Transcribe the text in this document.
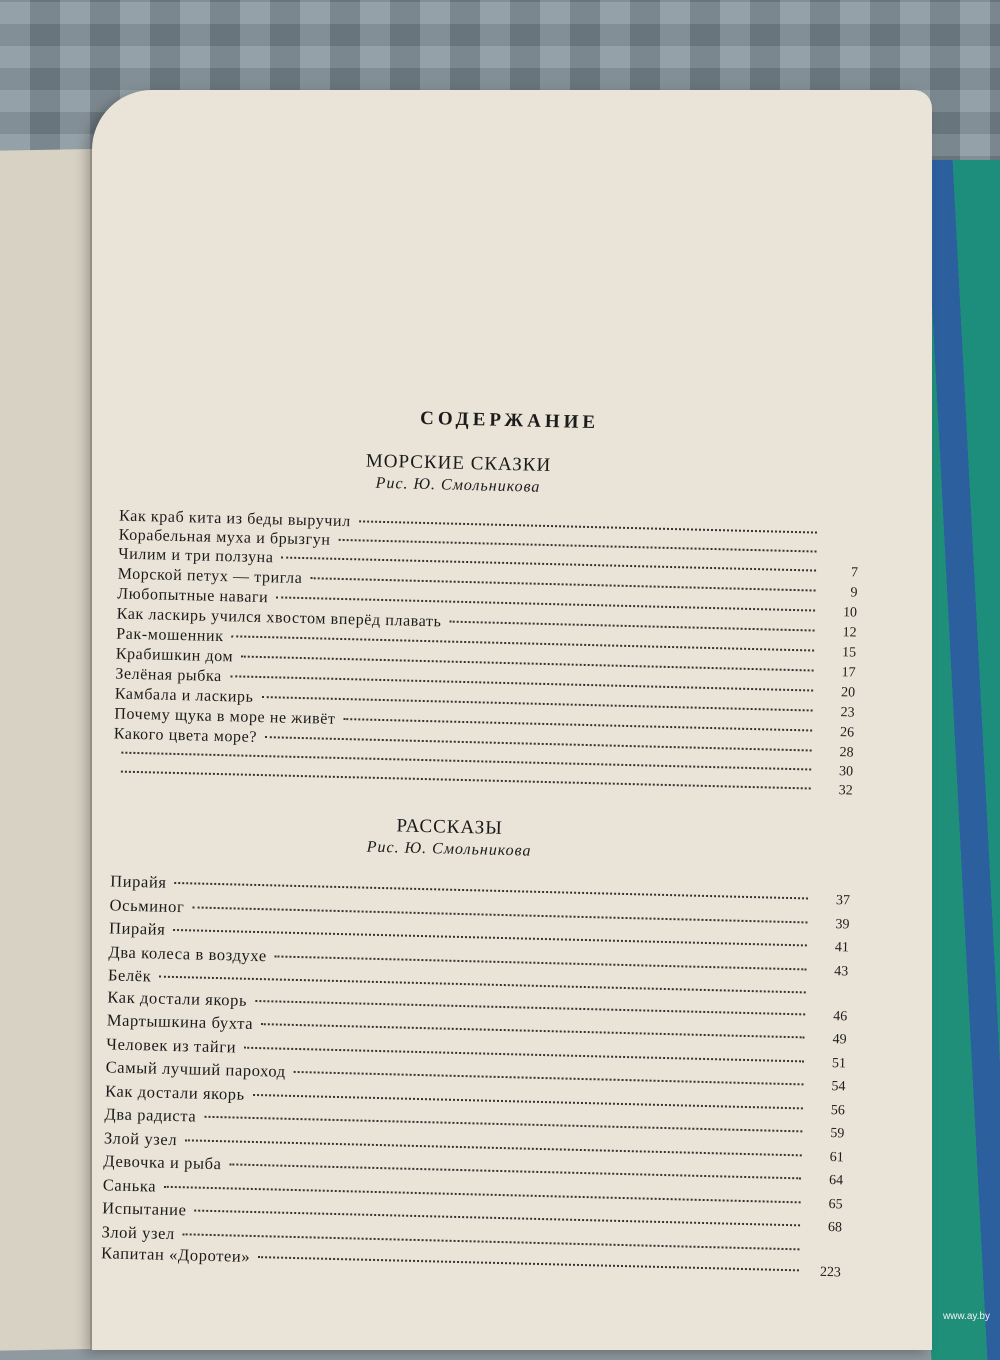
СОДЕРЖАНИЕ
МОРСКИЕ СКАЗКИ
Рис. Ю. Смольникова
Как краб кита из беды выручил
Корабельная муха и брызгун
Чилим и три ползуна
7
Морской петух — тригла
9
Любопытные наваги
10
Как ласкирь учился хвостом вперёд плавать
12
Рак-мошенник
15
Крабишкин дом
17
Зелёная рыбка
20
Камбала и ласкирь
23
Почему щука в море не живёт
26
Какого цвета море?
28
30
32
РАССКАЗЫ
Рис. Ю. Смольникова
Пирайя
37
Осьминог
39
Пирайя
41
Два колеса в воздухе
43
Белёк
Как достали якорь
46
Мартышкина бухта
49
Человек из тайги
51
Самый лучший пароход
54
Как достали якорь
56
Два радиста
59
Злой узел
61
Девочка и рыба
64
Санька
65
Испытание
68
Злой узел
Капитан «Доротеи»
223
www.ay.by
